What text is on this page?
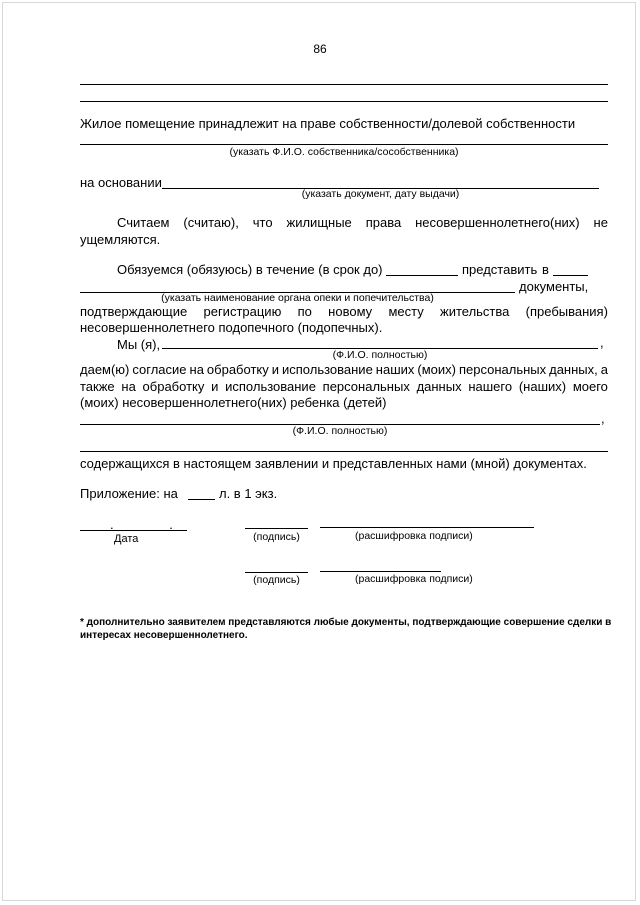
86
Жилое помещение принадлежит на праве собственности/долевой собственности
(указать Ф.И.О. собственника/сособственника)
на основании
(указать документ, дату выдачи)
Считаем (считаю), что жилищные права несовершеннолетнего(них) не
ущемляются.
Обязуемся (обязуюсь) в течение (в срок до)	представить в
документы,
(указать наименование органа опеки и попечительства)
подтверждающие регистрацию по новому месту жительства (пребывания)
несовершеннолетнего подопечного (подопечных).
Мы (я),	,
(Ф.И.О. полностью)
даем(ю) согласие на обработку и использование наших (моих) персональных данных, а
также на обработку и использование персональных данных нашего (наших) моего
(моих) несовершеннолетнего(них) ребенка (детей)
,
(Ф.И.О. полностью)
содержащихся в настоящем заявлении и представленных нами (мной) документах.
Приложение: на	л. в 1 экз.
. .
Дата	(подпись)	(расшифровка подписи)
(подпись)	(расшифровка подписи)
* дополнительно заявителем представляются любые документы, подтверждающие совершение сделки в
интересах несовершеннолетнего.
